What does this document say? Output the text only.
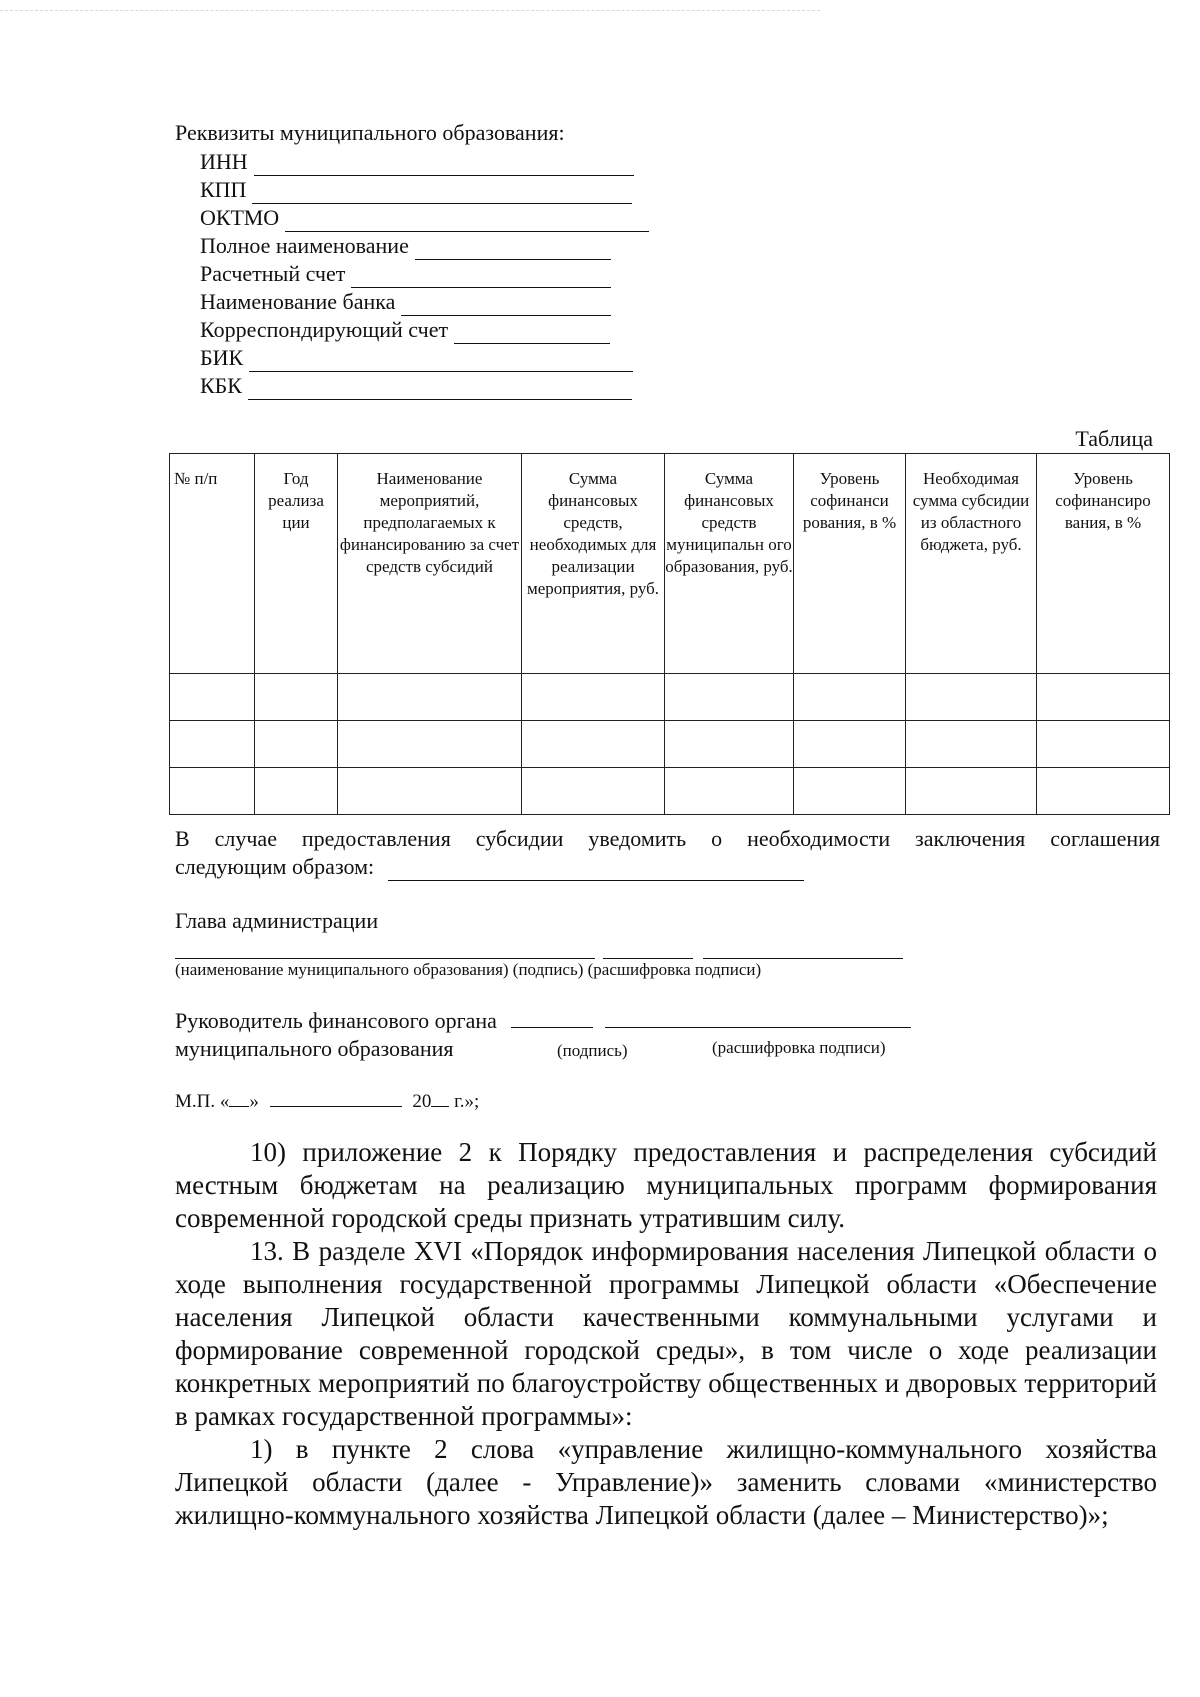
Реквизиты муниципального образования:
ИНН
КПП
ОКТМО
Полное наименование
Расчетный счет
Наименование банка
Корреспондирующий счет
БИК
КБК
Таблица
№ п/п	Год реализа ции	Наименование мероприятий, предполагаемых к финансированию за счет средств субсидий	Сумма финансовых средств, необходимых для реализации мероприятия, руб.	Сумма финансовых средств муниципальн ого образования, руб.	Уровень софинанси рования, в %	Необходимая сумма субсидии из областного бюджета, руб.	Уровень софинансиро вания, в %

В случае предоставления субсидии уведомить о необходимости заключения соглашения
следующим образом:
Глава администрации
(наименование муниципального образования) (подпись) (расшифровка подписи)
Руководитель финансового органа
муниципального образования	(подпись)	(расшифровка подписи)
М.П. « »	20 г.»;

10) приложение 2 к Порядку предоставления и распределения субсидий местным бюджетам на реализацию муниципальных программ формирования современной городской среды признать утратившим силу.

13. В разделе XVI «Порядок информирования населения Липецкой области о ходе выполнения государственной программы Липецкой области «Обеспечение населения Липецкой области качественными коммунальными услугами и формирование современной городской среды», в том числе о ходе реализации конкретных мероприятий по благоустройству общественных и дворовых территорий в рамках государственной программы»:

1) в пункте 2 слова «управление жилищно-коммунального хозяйства Липецкой области (далее - Управление)» заменить словами «министерство жилищно-коммунального хозяйства Липецкой области (далее – Министерство)»;
